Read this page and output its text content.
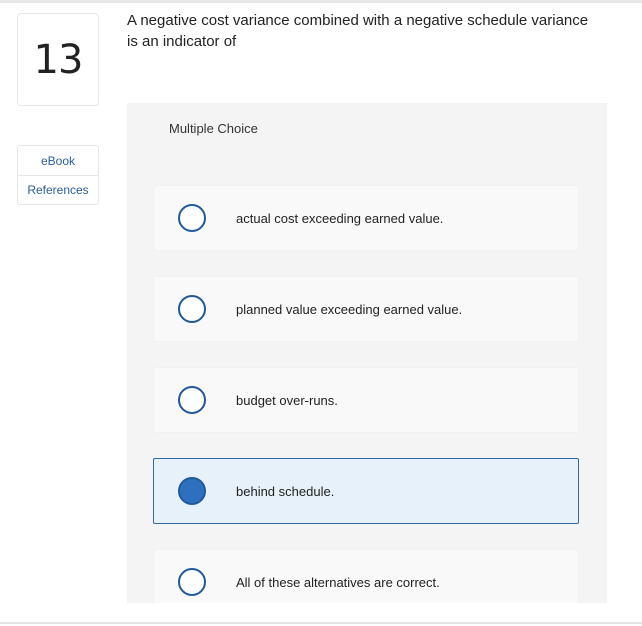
13
eBook
References
A negative cost variance combined with a negative schedule variance is an indicator of
Multiple Choice
actual cost exceeding earned value.
planned value exceeding earned value.
budget over-runs.
behind schedule.
All of these alternatives are correct.
